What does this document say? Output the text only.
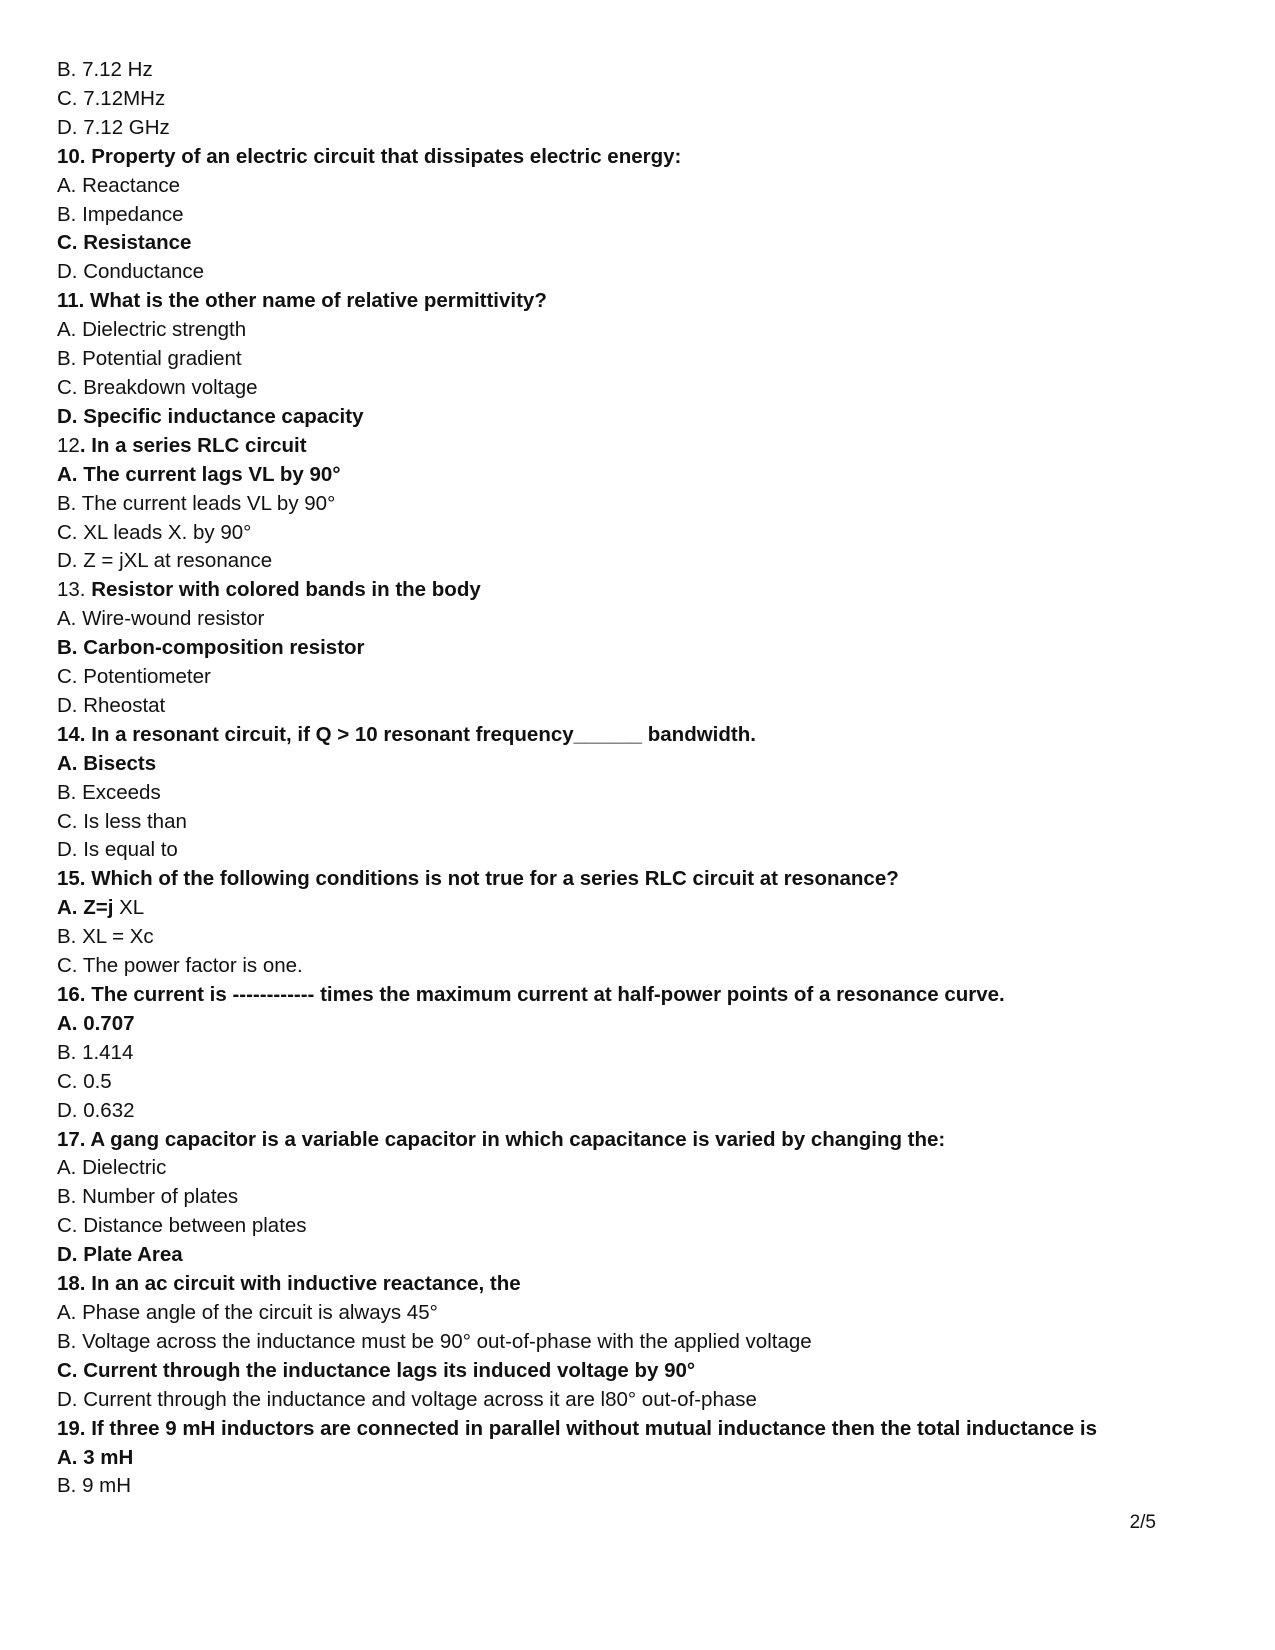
B. 7.12 Hz
C. 7.12MHz
D. 7.12 GHz
10. Property of an electric circuit that dissipates electric energy:
A. Reactance
B. Impedance
C. Resistance
D. Conductance
11. What is the other name of relative permittivity?
A. Dielectric strength
B. Potential gradient
C. Breakdown voltage
D. Specific inductance capacity
12. In a series RLC circuit
A. The current lags VL by 90°
B. The current leads VL by 90°
C. XL leads X. by 90°
D. Z = jXL at resonance
13. Resistor with colored bands in the body
A. Wire-wound resistor
B. Carbon-composition resistor
C. Potentiometer
D. Rheostat
14. In a resonant circuit, if Q > 10 resonant frequency______ bandwidth.
A. Bisects
B. Exceeds
C. Is less than
D. Is equal to
15. Which of the following conditions is not true for a series RLC circuit at resonance?
A. Z=j XL
B. XL = Xc
C. The power factor is one.
16. The current is ------------ times the maximum current at half-power points of a resonance curve.
A. 0.707
B. 1.414
C. 0.5
D. 0.632
17. A gang capacitor is a variable capacitor in which capacitance is varied by changing the:
A. Dielectric
B. Number of plates
C. Distance between plates
D. Plate Area
18. In an ac circuit with inductive reactance, the
A. Phase angle of the circuit is always 45°
B. Voltage across the inductance must be 90° out-of-phase with the applied voltage
C. Current through the inductance lags its induced voltage by 90°
D. Current through the inductance and voltage across it are l80° out-of-phase
19. If three 9 mH inductors are connected in parallel without mutual inductance then the total inductance is
A. 3 mH
B. 9 mH
2/5
